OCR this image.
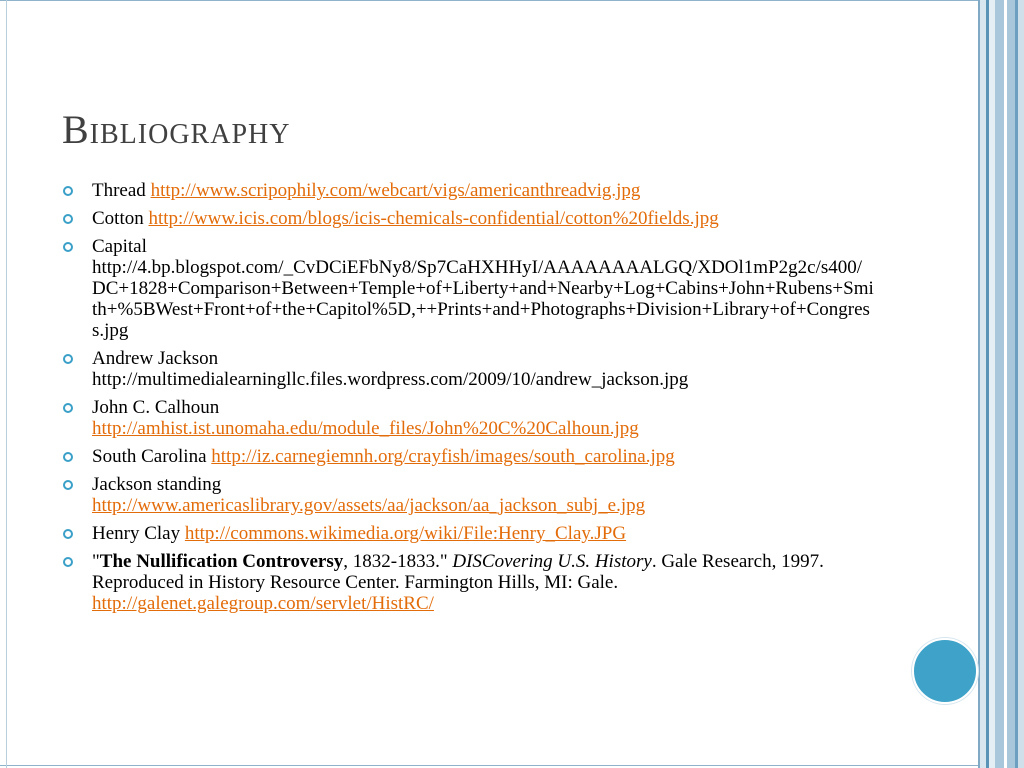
Bibliography
Thread http://www.scripophily.com/webcart/vigs/americanthreadvig.jpg
Cotton http://www.icis.com/blogs/icis-chemicals-confidential/cotton%20fields.jpg
Capital
http://4.bp.blogspot.com/_CvDCiEFbNy8/Sp7CaHXHHyI/AAAAAAAALGQ/XDOl1mP2g2c/s400/DC+1828+Comparison+Between+Temple+of+Liberty+and+Nearby+Log+Cabins+John+Rubens+Smith+%5BWest+Front+of+the+Capitol%5D,++Prints+and+Photographs+Division+Library+of+Congress.jpg
Andrew Jackson
http://multimedialearningllc.files.wordpress.com/2009/10/andrew_jackson.jpg
John C. Calhoun
http://amhist.ist.unomaha.edu/module_files/John%20C%20Calhoun.jpg
South Carolina http://iz.carnegiemnh.org/crayfish/images/south_carolina.jpg
Jackson standing
http://www.americaslibrary.gov/assets/aa/jackson/aa_jackson_subj_e.jpg
Henry Clay http://commons.wikimedia.org/wiki/File:Henry_Clay.JPG
"The Nullification Controversy, 1832-1833." DISCovering U.S. History. Gale Research, 1997. Reproduced in History Resource Center. Farmington Hills, MI: Gale. http://galenet.galegroup.com/servlet/HistRC/
